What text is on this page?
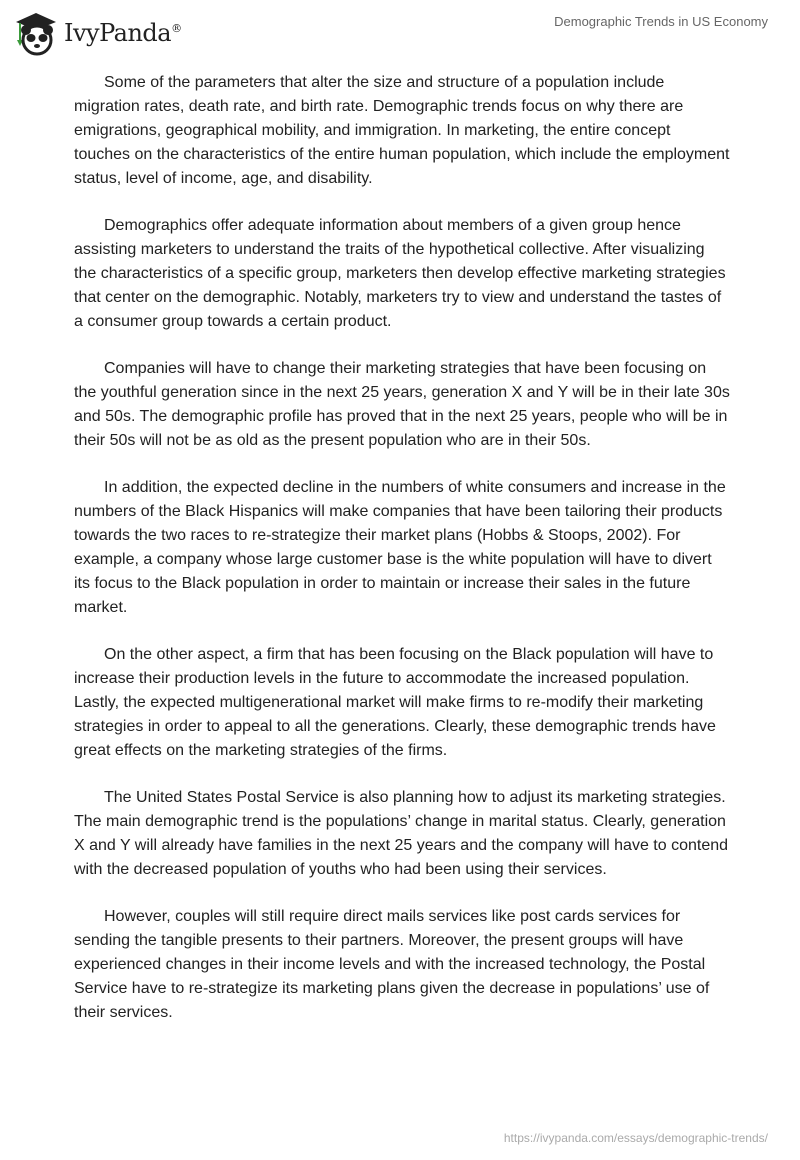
IvyPanda®	Demographic Trends in US Economy

Some of the parameters that alter the size and structure of a population include migration rates, death rate, and birth rate. Demographic trends focus on why there are emigrations, geographical mobility, and immigration. In marketing, the entire concept touches on the characteristics of the entire human population, which include the employment status, level of income, age, and disability.

Demographics offer adequate information about members of a given group hence assisting marketers to understand the traits of the hypothetical collective. After visualizing the characteristics of a specific group, marketers then develop effective marketing strategies that center on the demographic. Notably, marketers try to view and understand the tastes of a consumer group towards a certain product.

Companies will have to change their marketing strategies that have been focusing on the youthful generation since in the next 25 years, generation X and Y will be in their late 30s and 50s. The demographic profile has proved that in the next 25 years, people who will be in their 50s will not be as old as the present population who are in their 50s.

In addition, the expected decline in the numbers of white consumers and increase in the numbers of the Black Hispanics will make companies that have been tailoring their products towards the two races to re-strategize their market plans (Hobbs & Stoops, 2002). For example, a company whose large customer base is the white population will have to divert its focus to the Black population in order to maintain or increase their sales in the future market.

On the other aspect, a firm that has been focusing on the Black population will have to increase their production levels in the future to accommodate the increased population. Lastly, the expected multigenerational market will make firms to re-modify their marketing strategies in order to appeal to all the generations. Clearly, these demographic trends have great effects on the marketing strategies of the firms.

The United States Postal Service is also planning how to adjust its marketing strategies. The main demographic trend is the populations’ change in marital status. Clearly, generation X and Y will already have families in the next 25 years and the company will have to contend with the decreased population of youths who had been using their services.

However, couples will still require direct mails services like post cards services for sending the tangible presents to their partners. Moreover, the present groups will have experienced changes in their income levels and with the increased technology, the Postal Service have to re-strategize its marketing plans given the decrease in populations’ use of their services.

https://ivypanda.com/essays/demographic-trends/
